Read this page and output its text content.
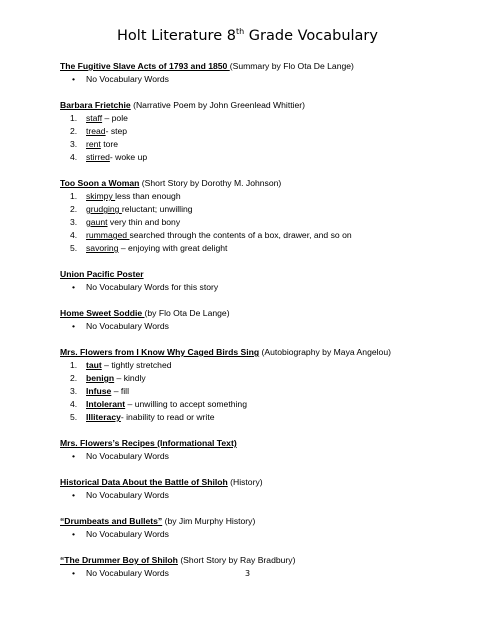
Holt Literature 8th Grade Vocabulary
The Fugitive Slave Acts of 1793 and 1850 (Summary by Flo Ota De Lange)
•	No Vocabulary Words
Barbara Frietchie (Narrative Poem by John Greenlead Whittier)
1.	staff – pole
2.	tread- step
3.	rent tore
4.	stirred- woke up
Too Soon a Woman (Short Story by Dorothy M. Johnson)
1.	skimpy less than enough
2.	grudging reluctant; unwilling
3.	gaunt very thin and bony
4.	rummaged searched through the contents of a box, drawer, and so on
5.	savoring – enjoying with great delight
Union Pacific Poster
•	No Vocabulary Words for this story
Home Sweet Soddie (by Flo Ota De Lange)
•	No Vocabulary Words
Mrs. Flowers from I Know Why Caged Birds Sing (Autobiography by Maya Angelou)
1.	taut – tightly stretched
2.	benign – kindly
3.	Infuse – fill
4.	Intolerant – unwilling to accept something
5.	Illiteracy- inability to read or write
Mrs. Flowers’s Recipes (Informational Text)
•	No Vocabulary Words
Historical Data About the Battle of Shiloh (History)
•	No Vocabulary Words
“Drumbeats and Bullets” (by Jim Murphy History)
•	No Vocabulary Words
“The Drummer Boy of Shiloh (Short Story by Ray Bradbury)
•	No Vocabulary Words	3
